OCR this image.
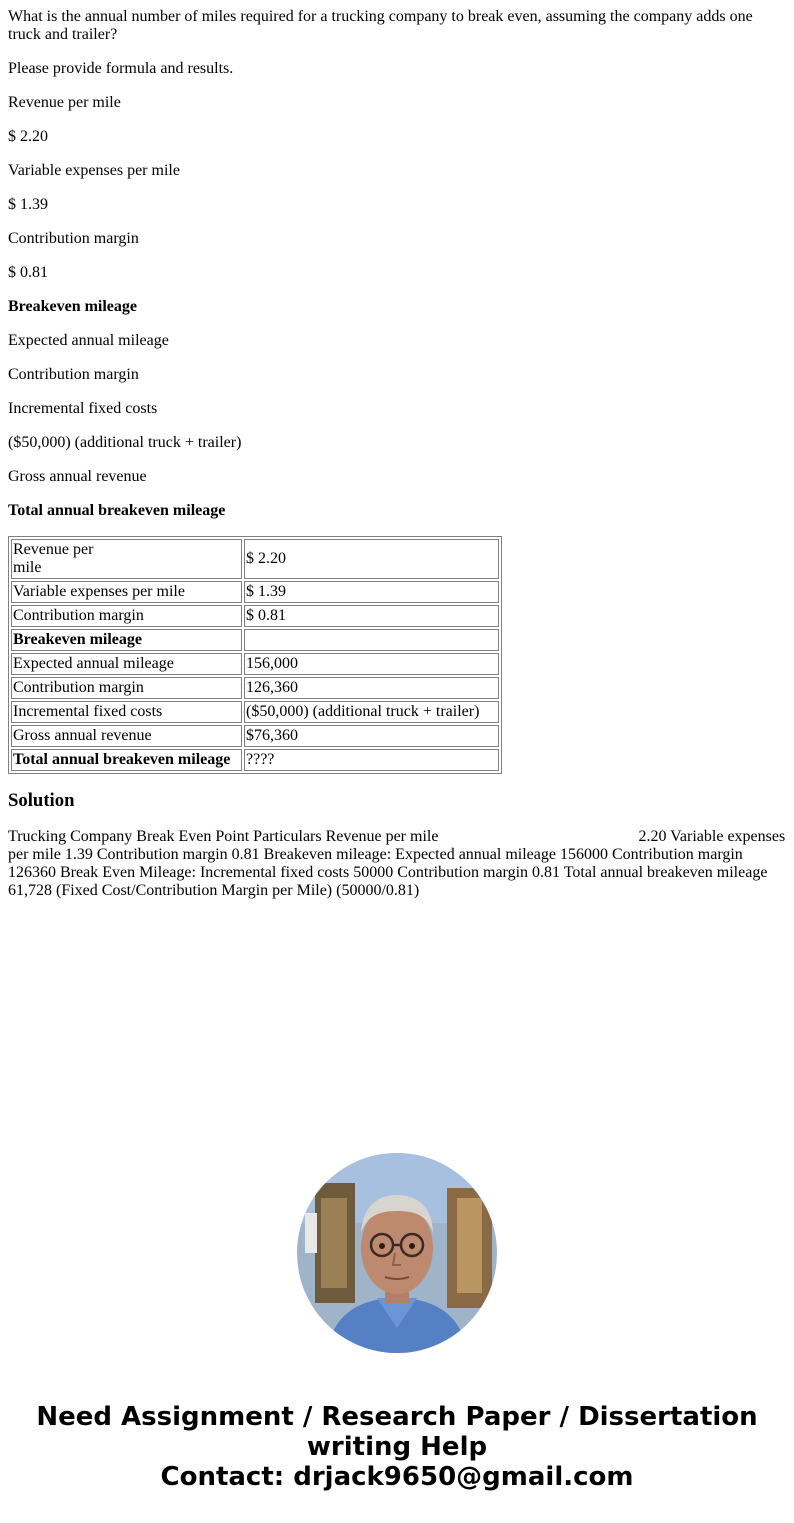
What is the annual number of miles required for a trucking company to break even, assuming the company adds one truck and trailer?

Please provide formula and results.

Revenue per mile

$ 2.20

Variable expenses per mile

$ 1.39

Contribution margin

$ 0.81

Breakeven mileage

Expected annual mileage

Contribution margin

Incremental fixed costs

($50,000) (additional truck + trailer)

Gross annual revenue

Total annual breakeven mileage

Revenue per
mile	$ 2.20
Variable expenses per mile	$ 1.39
Contribution margin	$ 0.81
Breakeven mileage	
Expected annual mileage	156,000
Contribution margin	126,360
Incremental fixed costs	($50,000) (additional truck + trailer)
Gross annual revenue	$76,360
Total annual breakeven mileage	????
Solution

Trucking Company Break Even Point Particulars Revenue per mile	2.20 Variable expenses per mile 1.39 Contribution margin 0.81 Breakeven mileage: Expected annual mileage 156000 Contribution margin 126360 Break Even Mileage: Incremental fixed costs 50000 Contribution margin 0.81 Total annual breakeven mileage 61,728 (Fixed Cost/Contribution Margin per Mile) (50000/0.81)

Need Assignment / Research Paper / Dissertation
writing Help
Contact: drjack9650@gmail.com
